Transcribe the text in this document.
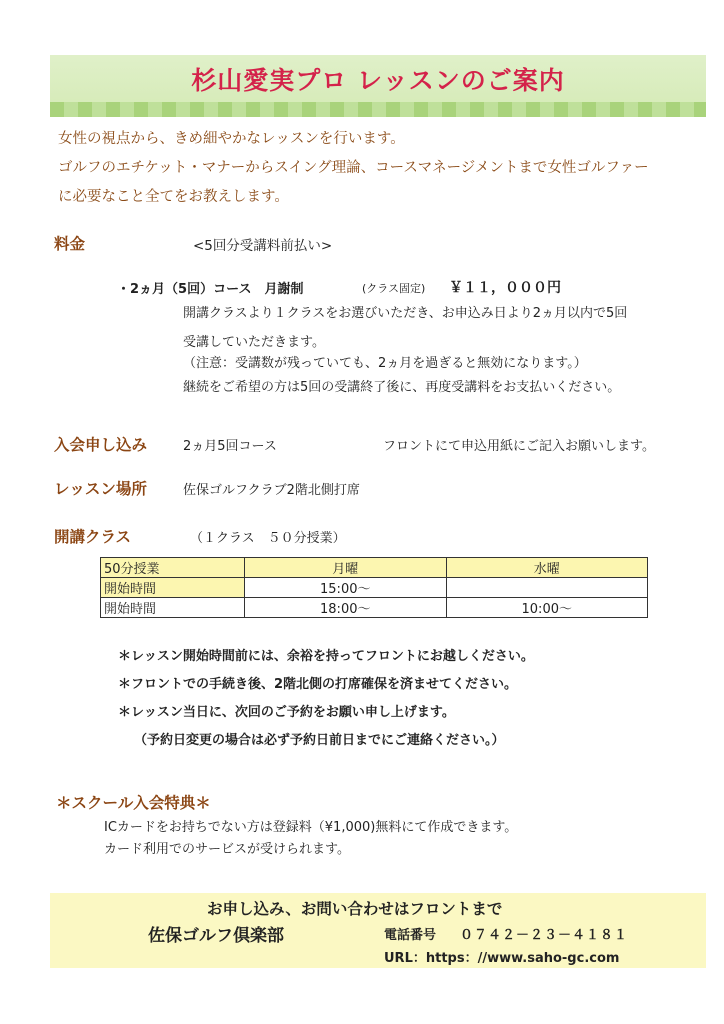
杉山愛実プロ レッスンのご案内
女性の視点から、きめ細やかなレッスンを行います。
ゴルフのエチケット・マナーからスイング理論、コースマネージメントまで女性ゴルファー
に必要なこと全てをお教えします。
料金	<5回分受講料前払い>
・2ヵ月（5回）コース　月謝制	(クラス固定) ￥１１，０００円
開講クラスより１クラスをお選びいただき、お申込み日より2ヵ月以内で5回
受講していただきます。
（注意：受講数が残っていても、2ヵ月を過ぎると無効になります。）
継続をご希望の方は5回の受講終了後に、再度受講料をお支払いください。
入会申し込み	2ヵ月5回コース	フロントにて申込用紙にご記入お願いします。
レッスン場所	佐保ゴルフクラブ2階北側打席
開講クラス	（１クラス　５０分授業）
50分授業	月曜	水曜
開始時間	15:00～	
開始時間	18:00～	10:00～
＊レッスン開始時間前には、余裕を持ってフロントにお越しください。
＊フロントでの手続き後、2階北側の打席確保を済ませてください。
＊レッスン当日に、次回のご予約をお願い申し上げます。
（予約日変更の場合は必ず予約日前日までにご連絡ください。）
＊スクール入会特典＊
ICカードをお持ちでない方は登録料（¥1,000)無料にて作成できます。
カード利用でのサービスが受けられます。
お申し込み、お問い合わせはフロントまで
佐保ゴルフ倶楽部	電話番号 ０７４２－２３－４１８１
URL：https：//www.saho-gc.com
